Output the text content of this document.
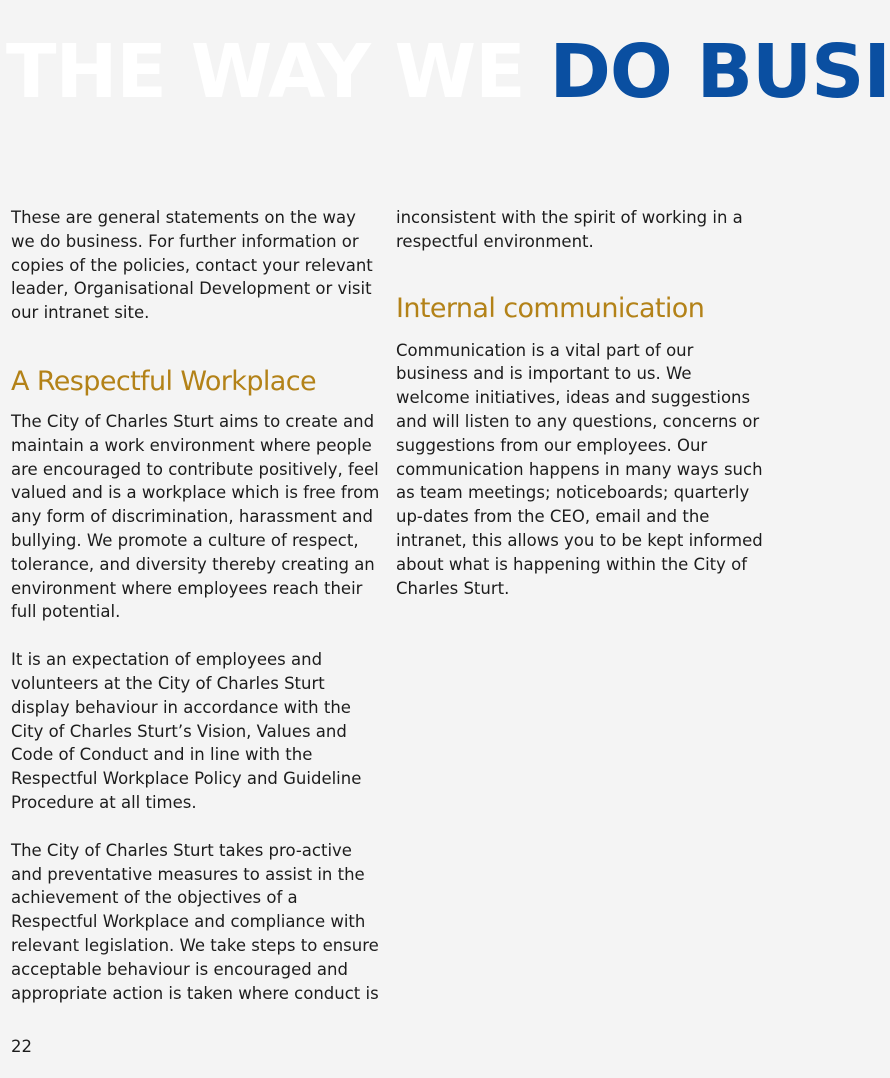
THE WAY WE DO BUSI

These are general statements on the way we do business. For further information or copies of the policies, contact your relevant leader, Organisational Development or visit our intranet site.

A Respectful Workplace

The City of Charles Sturt aims to create and maintain a work environment where people are encouraged to contribute positively, feel valued and is a workplace which is free from any form of discrimination, harassment and bullying. We promote a culture of respect, tolerance, and diversity thereby creating an environment where employees reach their full potential.

It is an expectation of employees and volunteers at the City of Charles Sturt display behaviour in accordance with the City of Charles Sturt’s Vision, Values and Code of Conduct and in line with the Respectful Workplace Policy and Guideline Procedure at all times.

The City of Charles Sturt takes pro-active and preventative measures to assist in the achievement of the objectives of a Respectful Workplace and compliance with relevant legislation. We take steps to ensure acceptable behaviour is encouraged and appropriate action is taken where conduct is

inconsistent with the spirit of working in a respectful environment.

Internal communication

Communication is a vital part of our business and is important to us. We welcome initiatives, ideas and suggestions and will listen to any questions, concerns or suggestions from our employees. Our communication happens in many ways such as team meetings; noticeboards; quarterly up-dates from the CEO, email and the intranet, this allows you to be kept informed about what is happening within the City of Charles Sturt.

22
